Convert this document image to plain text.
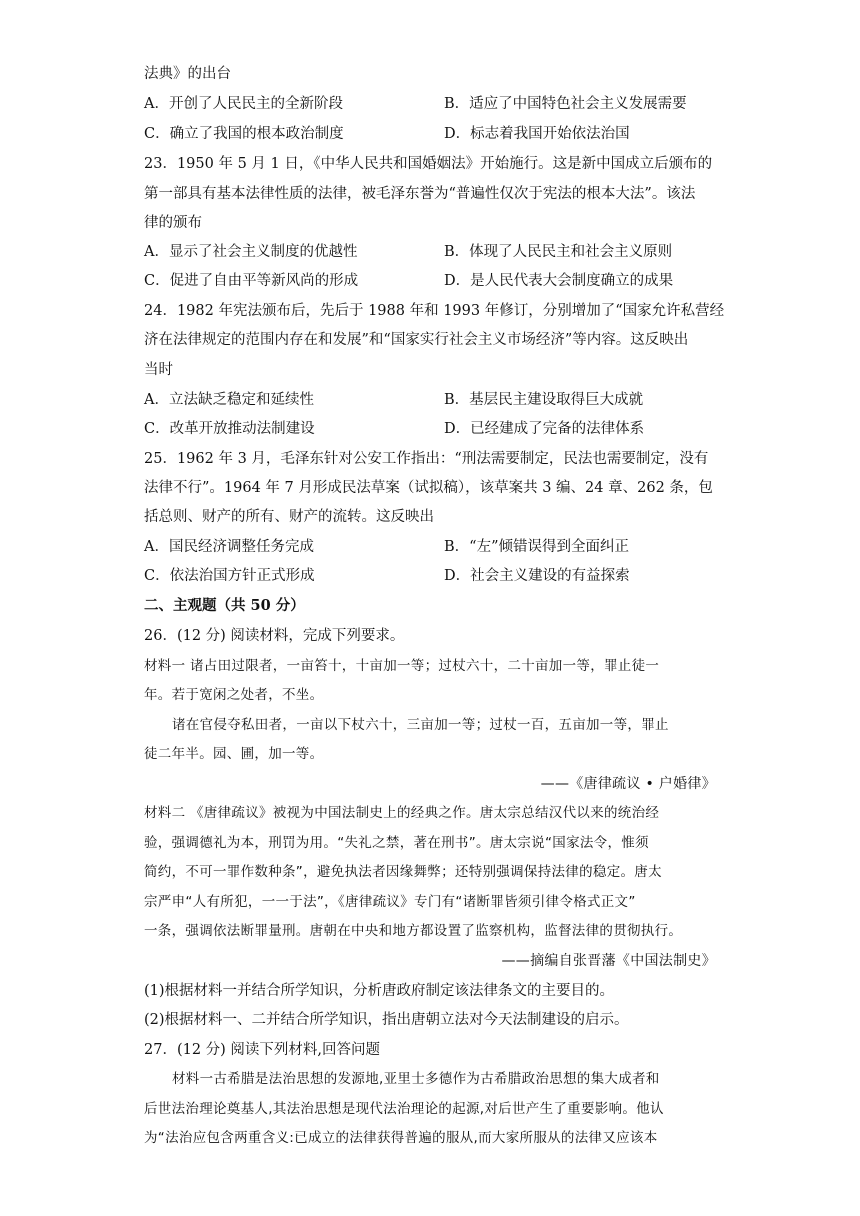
法典》的出台
A．开创了人民民主的全新阶段	B．适应了中国特色社会主义发展需要
C．确立了我国的根本政治制度	D．标志着我国开始依法治国
23．1950 年 5 月 1 日，《中华人民共和国婚姻法》开始施行。这是新中国成立后颁布的
第一部具有基本法律性质的法律，被毛泽东誉为“普遍性仅次于宪法的根本大法”。该法
律的颁布
A．显示了社会主义制度的优越性	B．体现了人民民主和社会主义原则
C．促进了自由平等新风尚的形成	D．是人民代表大会制度确立的成果
24．1982 年宪法颁布后，先后于 1988 年和 1993 年修订，分别增加了“国家允许私营经
济在法律规定的范围内存在和发展”和“国家实行社会主义市场经济”等内容。这反映出
当时
A．立法缺乏稳定和延续性	B．基层民主建设取得巨大成就
C．改革开放推动法制建设	D．已经建成了完备的法律体系
25．1962 年 3 月，毛泽东针对公安工作指出：“刑法需要制定，民法也需要制定，没有
法律不行”。1964 年 7 月形成民法草案（试拟稿），该草案共 3 编、24 章、262 条，包
括总则、财产的所有、财产的流转。这反映出
A．国民经济调整任务完成	B．“左”倾错误得到全面纠正
C．依法治国方针正式形成	D．社会主义建设的有益探索
二、主观题（共 50 分）
26．(12 分) 阅读材料，完成下列要求。
材料一 诸占田过限者，一亩笞十，十亩加一等；过杖六十，二十亩加一等，罪止徒一
年。若于宽闲之处者，不坐。
诸在官侵夺私田者，一亩以下杖六十，三亩加一等；过杖一百，五亩加一等，罪止
徒二年半。园、圃，加一等。
——《唐律疏议 • 户婚律》
材料二 《唐律疏议》被视为中国法制史上的经典之作。唐太宗总结汉代以来的统治经
验，强调德礼为本，刑罚为用。“失礼之禁，著在刑书”。唐太宗说“国家法令，惟须
简约，不可一罪作数种条”，避免执法者因缘舞弊；还特别强调保持法律的稳定。唐太
宗严申“人有所犯，一一于法”，《唐律疏议》专门有“诸断罪皆须引律令格式正文”
一条，强调依法断罪量刑。唐朝在中央和地方都设置了监察机构，监督法律的贯彻执行。
——摘编自张晋藩《中国法制史》
(1)根据材料一并结合所学知识，分析唐政府制定该法律条文的主要目的。
(2)根据材料一、二并结合所学知识，指出唐朝立法对今天法制建设的启示。
27．(12 分) 阅读下列材料,回答问题
材料一古希腊是法治思想的发源地,亚里士多德作为古希腊政治思想的集大成者和
后世法治理论奠基人,其法治思想是现代法治理论的起源,对后世产生了重要影响。他认
为“法治应包含两重含义:已成立的法律获得普遍的服从,而大家所服从的法律又应该本
